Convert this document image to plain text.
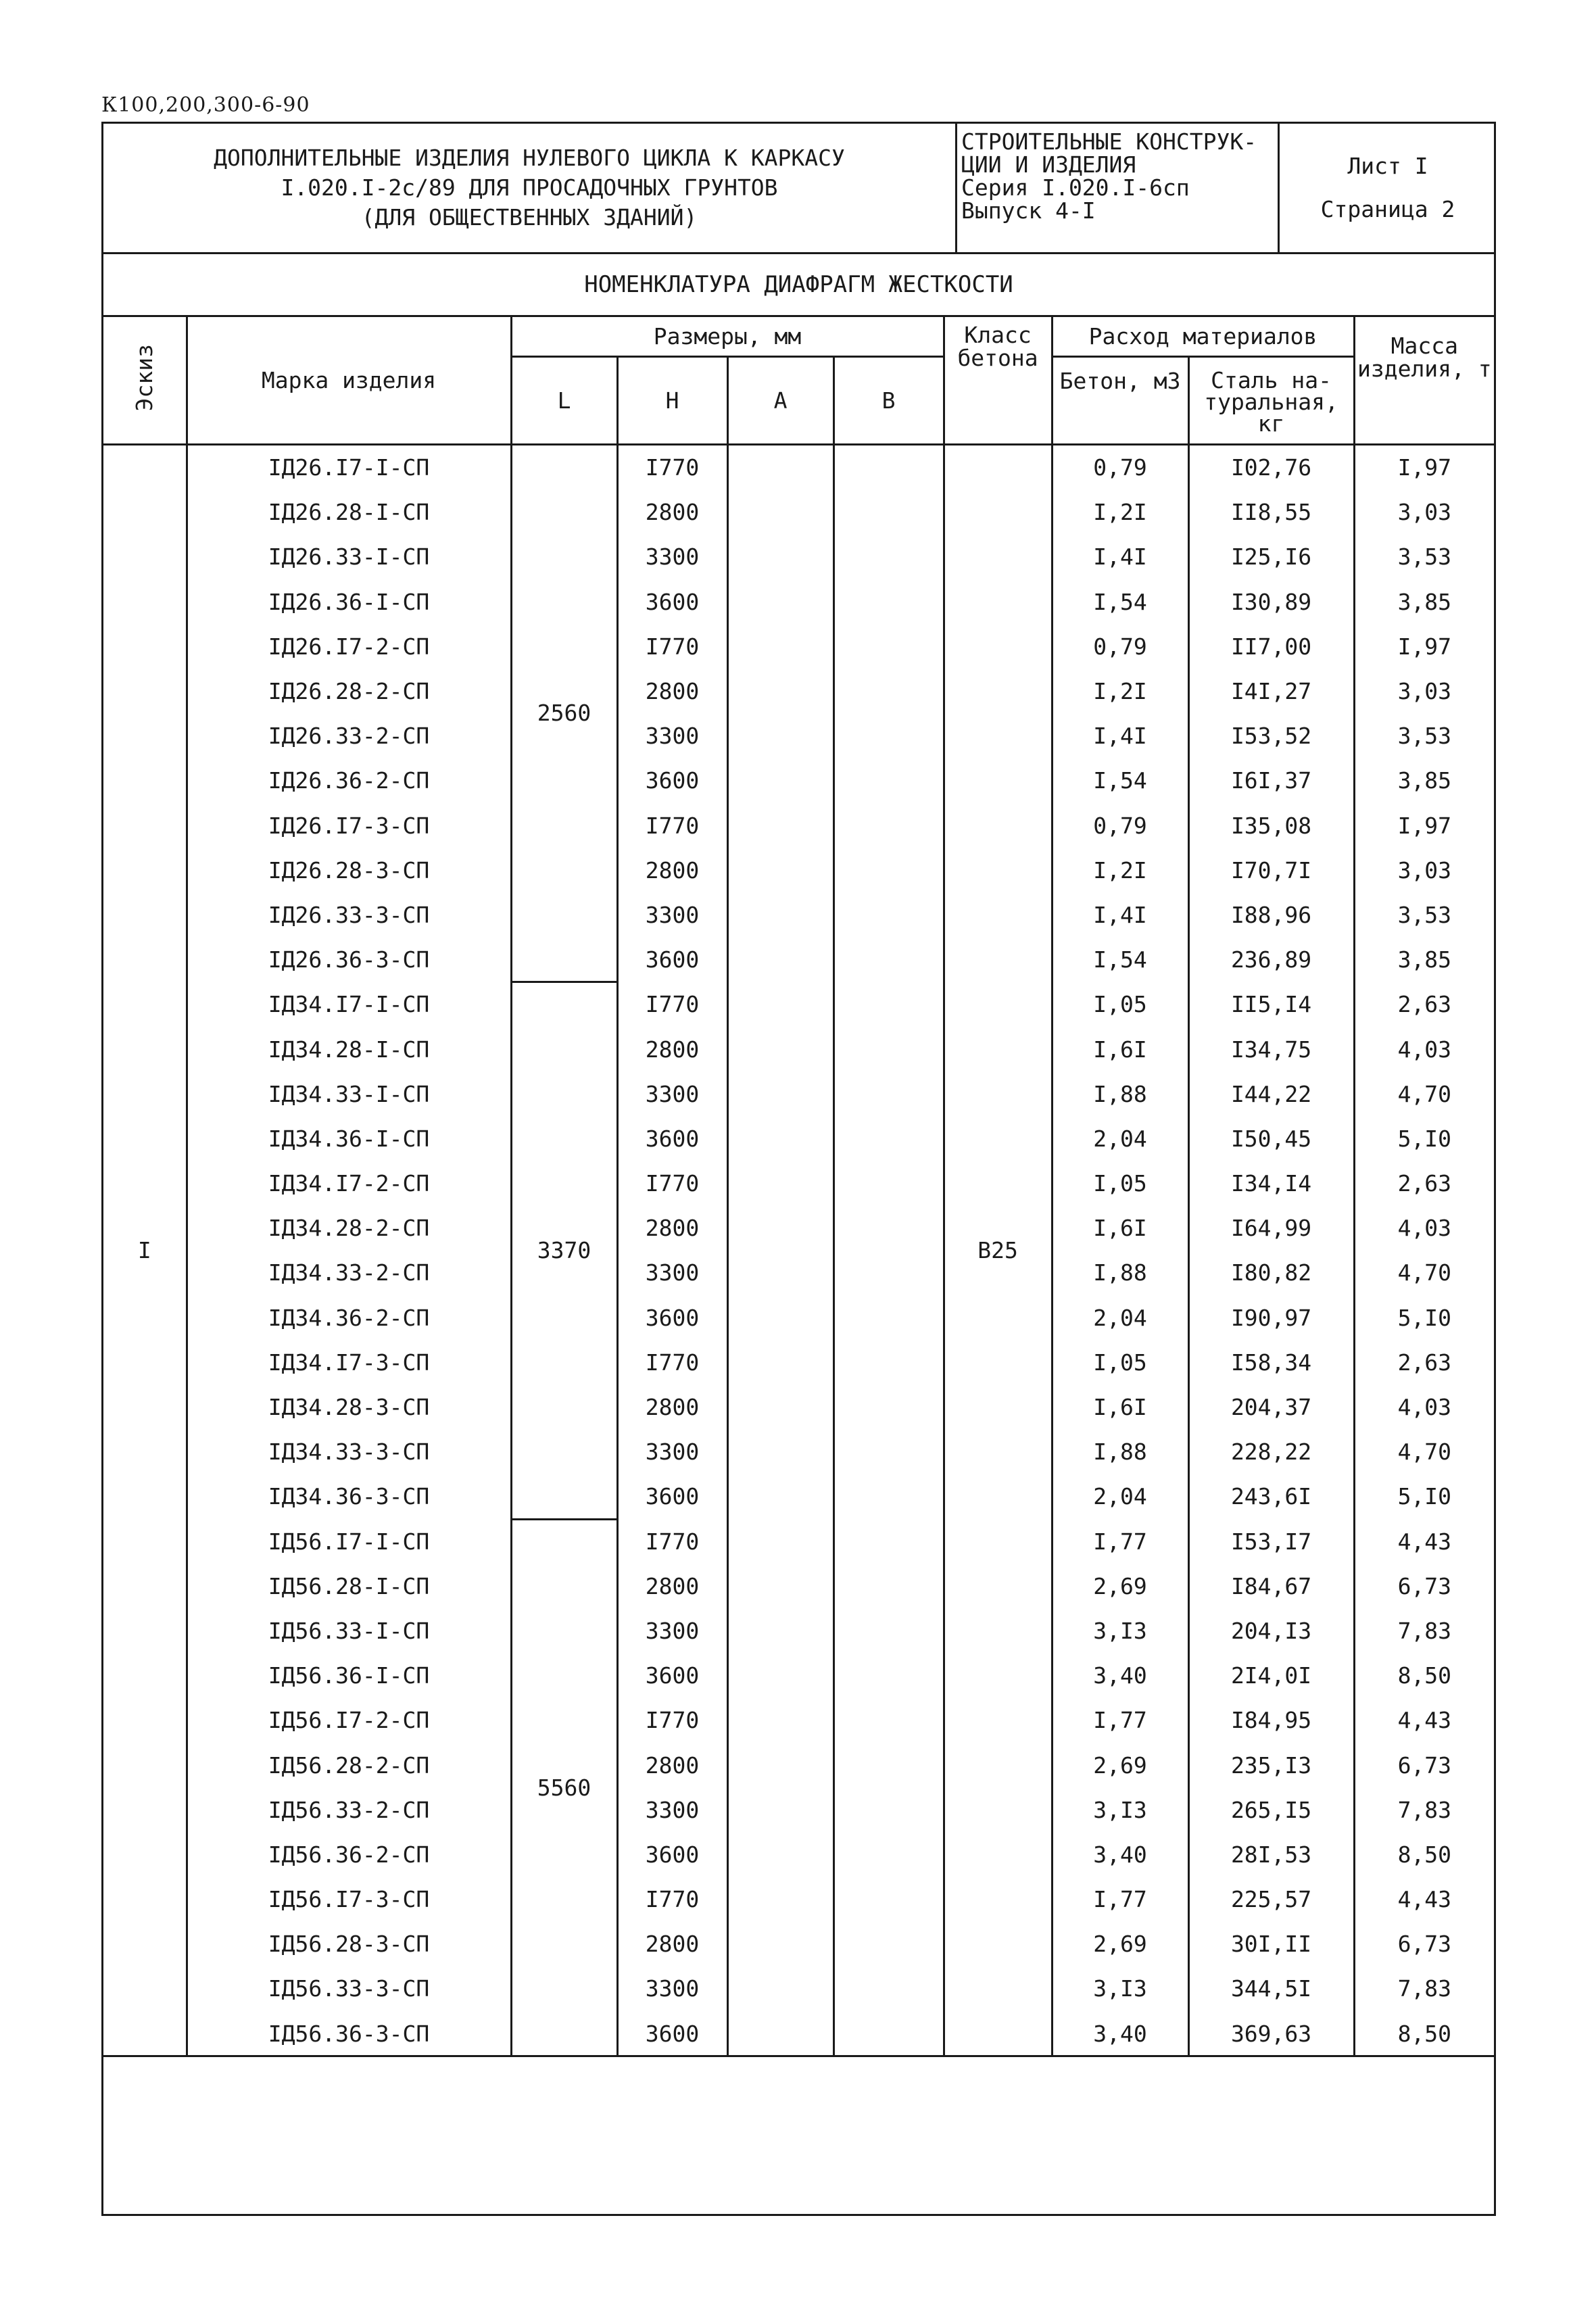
К100,200,300-6-90
ДОПОЛНИТЕЛЬНЫЕ ИЗДЕЛИЯ НУЛЕВОГО ЦИКЛА К КАРКАСУ
I.020.I-2с/89 ДЛЯ ПРОСАДОЧНЫХ ГРУНТОВ
(ДЛЯ ОБЩЕСТВЕННЫХ ЗДАНИЙ)
СТРОИТЕЛЬНЫЕ КОНСТРУК-
ЦИИ И ИЗДЕЛИЯ
Серия I.020.I-6сп
Выпуск 4-I
Лист I
Страница 2
НОМЕНКЛАТУРА ДИАФРАГМ ЖЕСТКОСТИ
Эскиз	Марка изделия	Размеры, мм				Класс бетона	Расход материалов		Масса изделия, т
		L	H	А	В		Бетон, м3	Сталь на-туральная, кг	
I	ІД26.І7-І-СП	2560	I770			B25	0,79	I02,76	I,97
	ІД26.28-І-СП		2800				I,2I	II8,55	3,03
	ІД26.33-І-СП		3300				I,4I	I25,I6	3,53
	ІД26.36-І-СП		3600				I,54	I30,89	3,85
	ІД26.І7-2-СП		I770				0,79	II7,00	I,97
	ІД26.28-2-СП		2800				I,2I	I4I,27	3,03
	ІД26.33-2-СП		3300				I,4I	I53,52	3,53
	ІД26.36-2-СП		3600				I,54	I6I,37	3,85
	ІД26.І7-3-СП		I770				0,79	I35,08	I,97
	ІД26.28-3-СП		2800				I,2I	I70,7I	3,03
	ІД26.33-3-СП		3300				I,4I	I88,96	3,53
	ІД26.36-3-СП		3600				I,54	236,89	3,85
	ІД34.І7-І-СП	3370	I770				I,05	II5,I4	2,63
	ІД34.28-І-СП		2800				I,6I	I34,75	4,03
	ІД34.33-І-СП		3300				I,88	I44,22	4,70
	ІД34.36-І-СП		3600				2,04	I50,45	5,I0
	ІД34.І7-2-СП		I770				I,05	I34,I4	2,63
	ІД34.28-2-СП		2800				I,6I	I64,99	4,03
	ІД34.33-2-СП		3300				I,88	I80,82	4,70
	ІД34.36-2-СП		3600				2,04	I90,97	5,I0
	ІД34.І7-3-СП		I770				I,05	I58,34	2,63
	ІД34.28-3-СП		2800				I,6I	204,37	4,03
	ІД34.33-3-СП		3300				I,88	228,22	4,70
	ІД34.36-3-СП		3600				2,04	243,6I	5,I0
	ІД56.І7-І-СП	5560	I770				I,77	I53,I7	4,43
	ІД56.28-І-СП		2800				2,69	I84,67	6,73
	ІД56.33-І-СП		3300				3,I3	204,I3	7,83
	ІД56.36-І-СП		3600				3,40	2I4,0I	8,50
	ІД56.І7-2-СП		I770				I,77	I84,95	4,43
	ІД56.28-2-СП		2800				2,69	235,I3	6,73
	ІД56.33-2-СП		3300				3,I3	265,I5	7,83
	ІД56.36-2-СП		3600				3,40	28I,53	8,50
	ІД56.І7-3-СП		I770				I,77	225,57	4,43
	ІД56.28-3-СП		2800				2,69	30I,II	6,73
	ІД56.33-3-СП		3300				3,I3	344,5I	7,83
	ІД56.36-3-СП		3600				3,40	369,63	8,50
